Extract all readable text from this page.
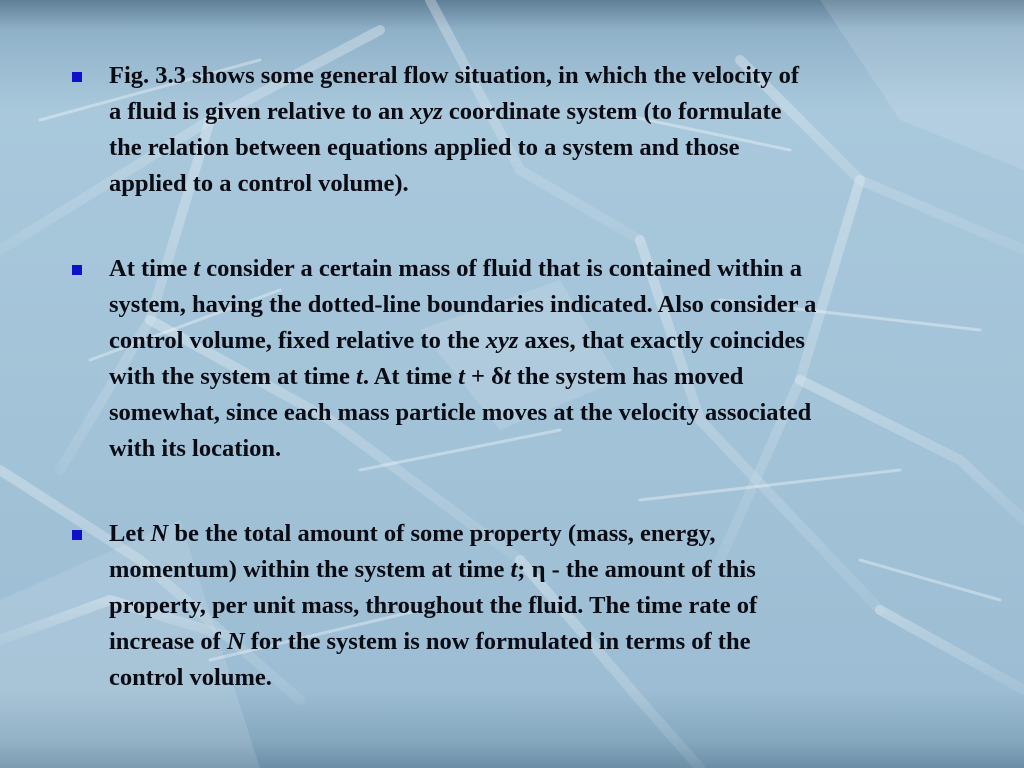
Fig. 3.3 shows some general flow situation, in which the velocity of
a fluid is given relative to an xyz coordinate system (to formulate
the relation between equations applied to a system and those
applied to a control volume).

At time t consider a certain mass of fluid that is contained within a
system, having the dotted-line boundaries indicated. Also consider a
control volume, fixed relative to the xyz axes, that exactly coincides
with the system at time t. At time t + δt the system has moved
somewhat, since each mass particle moves at the velocity associated
with its location.

Let N be the total amount of some property (mass, energy,
momentum) within the system at time t; η - the amount of this
property, per unit mass, throughout the fluid. The time rate of
increase of N for the system is now formulated in terms of the
control volume.
